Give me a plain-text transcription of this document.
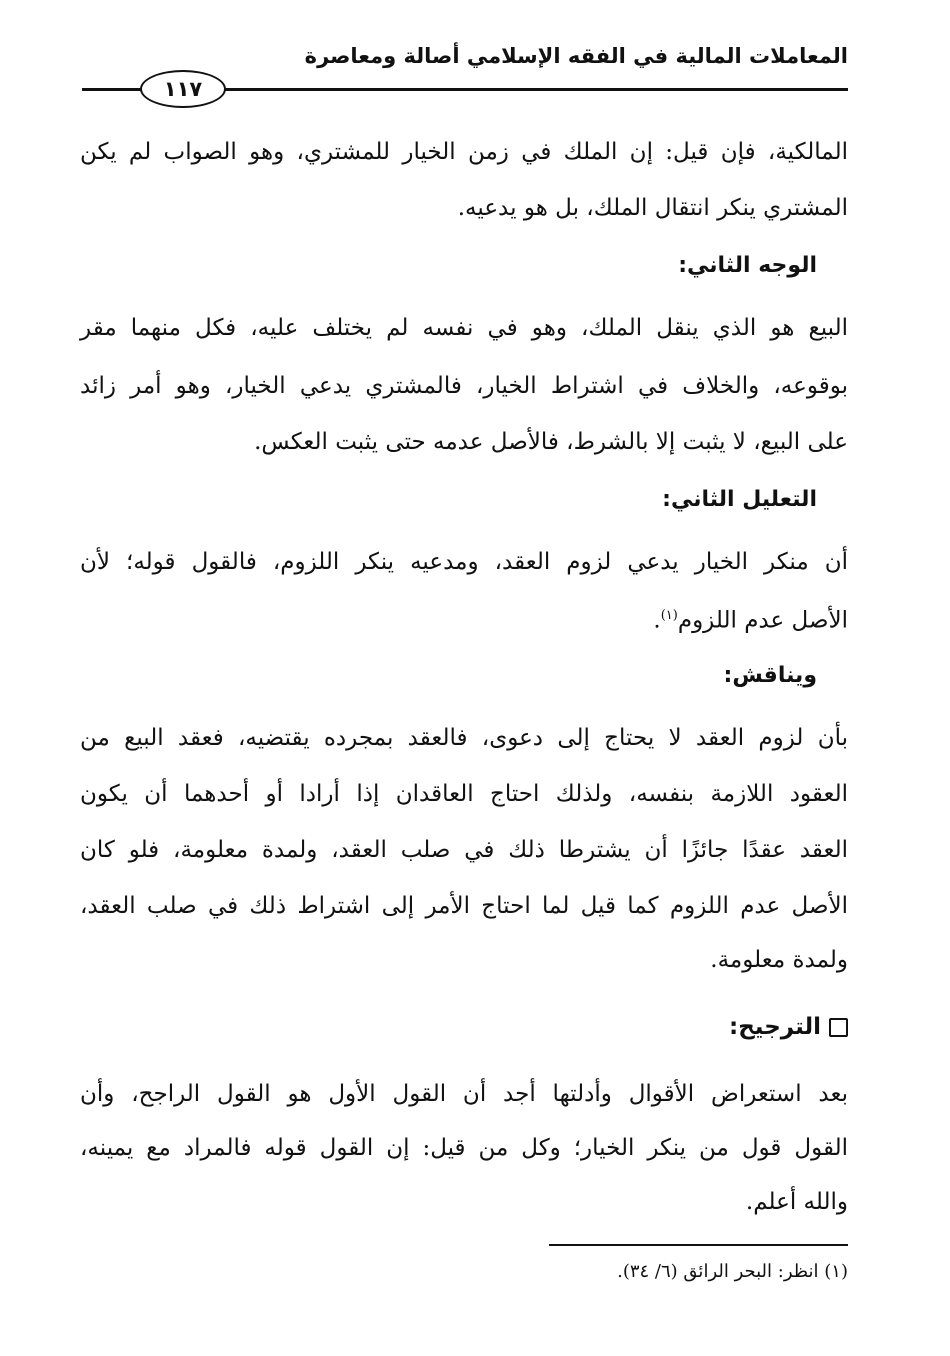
المعاملات المالية في الفقه الإسلامي أصالة ومعاصرة
١١٧
المالكية، فإن قيل: إن الملك في زمن الخيار للمشتري، وهو الصواب لم يكن
المشتري ينكر انتقال الملك، بل هو يدعيه.
الوجه الثاني:
البيع هو الذي ينقل الملك، وهو في نفسه لم يختلف عليه، فكل منهما مقر
بوقوعه، والخلاف في اشتراط الخيار، فالمشتري يدعي الخيار، وهو أمر زائد
على البيع، لا يثبت إلا بالشرط، فالأصل عدمه حتى يثبت العكس.
التعليل الثاني:
أن منكر الخيار يدعي لزوم العقد، ومدعيه ينكر اللزوم، فالقول قوله؛ لأن
الأصل عدم اللزوم$^{(١)}$.
ويناقش:
بأن لزوم العقد لا يحتاج إلى دعوى، فالعقد بمجرده يقتضيه، فعقد البيع من
العقود اللازمة بنفسه، ولذلك احتاج العاقدان إذا أرادا أو أحدهما أن يكون
العقد عقدًا جائزًا أن يشترطا ذلك في صلب العقد، ولمدة معلومة، فلو كان
الأصل عدم اللزوم كما قيل لما احتاج الأمر إلى اشتراط ذلك في صلب العقد،
ولمدة معلومة.
الترجيح:
بعد استعراض الأقوال وأدلتها أجد أن القول الأول هو القول الراجح، وأن
القول قول من ينكر الخيار؛ وكل من قيل: إن القول قوله فالمراد مع يمينه،
والله أعلم.
(١) انظر: البحر الرائق (٦/ ٣٤).
